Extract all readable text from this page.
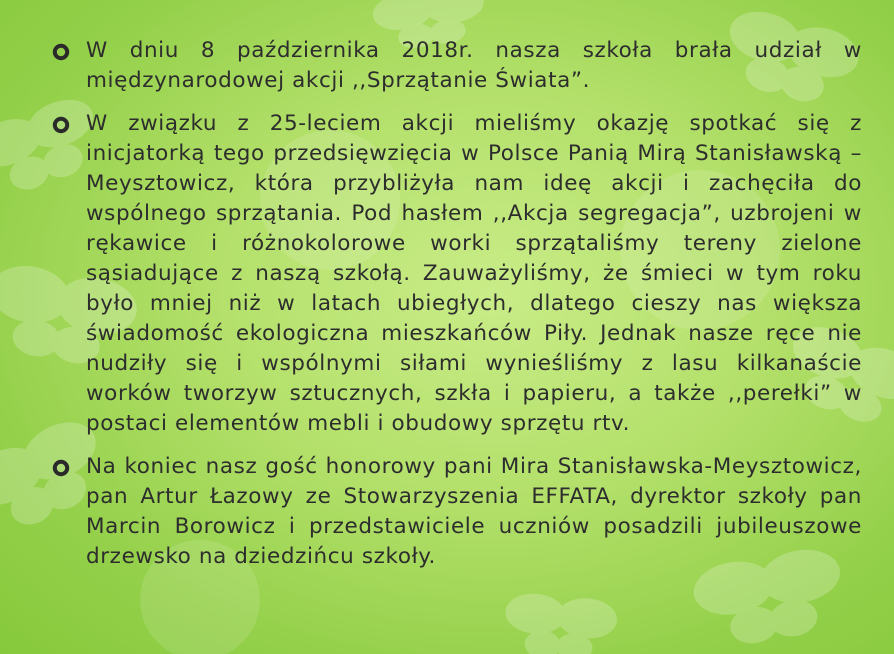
W dniu 8 października 2018r. nasza szkoła brała udział w międzynarodowej akcji ,,Sprzątanie Świata”.

W związku z 25-leciem akcji mieliśmy okazję spotkać się z inicjatorką tego przedsięwzięcia w Polsce Panią Mirą Stanisławską – Meysztowicz, która przybliżyła nam ideę akcji i zachęciła do wspólnego sprzątania. Pod hasłem ,,Akcja segregacja”, uzbrojeni w rękawice i różnokolorowe worki sprzątaliśmy tereny zielone sąsiadujące z naszą szkołą. Zauważyliśmy, że śmieci w tym roku było mniej niż w latach ubiegłych, dlatego cieszy nas większa świadomość ekologiczna mieszkańców Piły. Jednak nasze ręce nie nudziły się i wspólnymi siłami wynieśliśmy z lasu kilkanaście worków tworzyw sztucznych, szkła i papieru, a także ,,perełki” w postaci elementów mebli i obudowy sprzętu rtv.

Na koniec nasz gość honorowy pani Mira Stanisławska-Meysztowicz, pan Artur Łazowy ze Stowarzyszenia EFFATA, dyrektor szkoły pan Marcin Borowicz i przedstawiciele uczniów posadzili jubileuszowe drzewsko na dziedzińcu szkoły.
